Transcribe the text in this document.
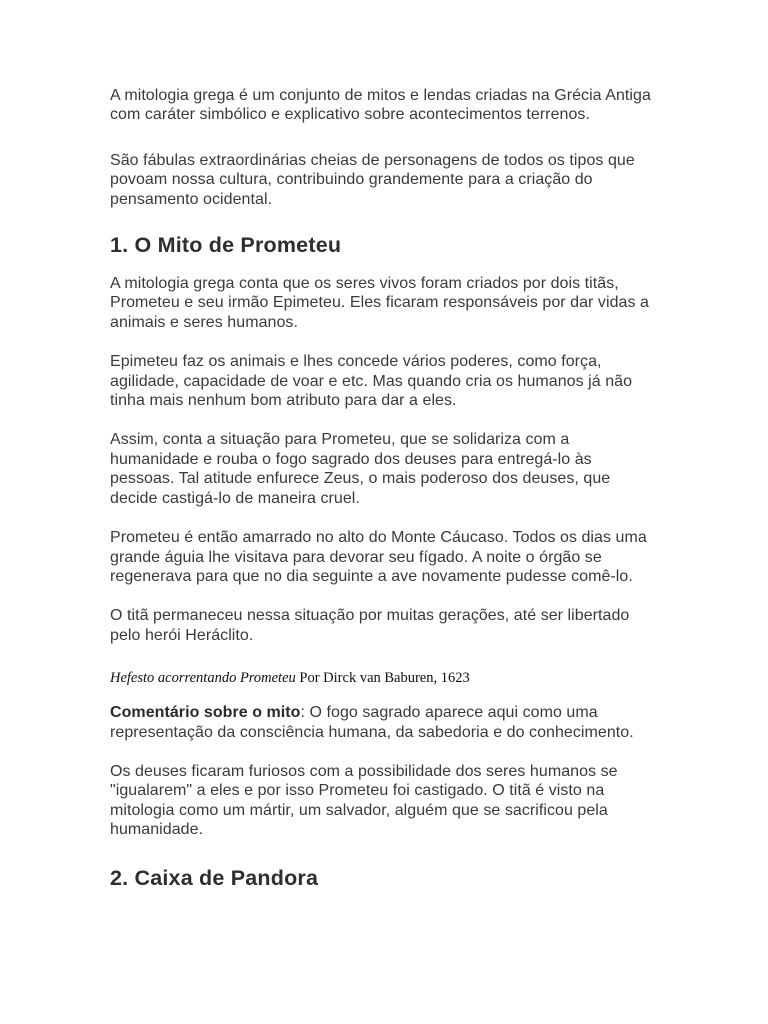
A mitologia grega é um conjunto de mitos e lendas criadas na Grécia Antiga com caráter simbólico e explicativo sobre acontecimentos terrenos.

São fábulas extraordinárias cheias de personagens de todos os tipos que povoam nossa cultura, contribuindo grandemente para a criação do pensamento ocidental.

1. O Mito de Prometeu

A mitologia grega conta que os seres vivos foram criados por dois titãs, Prometeu e seu irmão Epimeteu. Eles ficaram responsáveis por dar vidas a animais e seres humanos.

Epimeteu faz os animais e lhes concede vários poderes, como força, agilidade, capacidade de voar e etc. Mas quando cria os humanos já não tinha mais nenhum bom atributo para dar a eles.

Assim, conta a situação para Prometeu, que se solidariza com a humanidade e rouba o fogo sagrado dos deuses para entregá-lo às pessoas. Tal atitude enfurece Zeus, o mais poderoso dos deuses, que decide castigá-lo de maneira cruel.

Prometeu é então amarrado no alto do Monte Cáucaso. Todos os dias uma grande águia lhe visitava para devorar seu fígado. A noite o órgão se regenerava para que no dia seguinte a ave novamente pudesse comê-lo.

O titã permaneceu nessa situação por muitas gerações, até ser libertado pelo herói Heráclito.

Hefesto acorrentando Prometeu Por Dirck van Baburen, 1623

Comentário sobre o mito: O fogo sagrado aparece aqui como uma representação da consciência humana, da sabedoria e do conhecimento.

Os deuses ficaram furiosos com a possibilidade dos seres humanos se "igualarem" a eles e por isso Prometeu foi castigado. O titã é visto na mitologia como um mártir, um salvador, alguém que se sacrificou pela humanidade.

2. Caixa de Pandora
